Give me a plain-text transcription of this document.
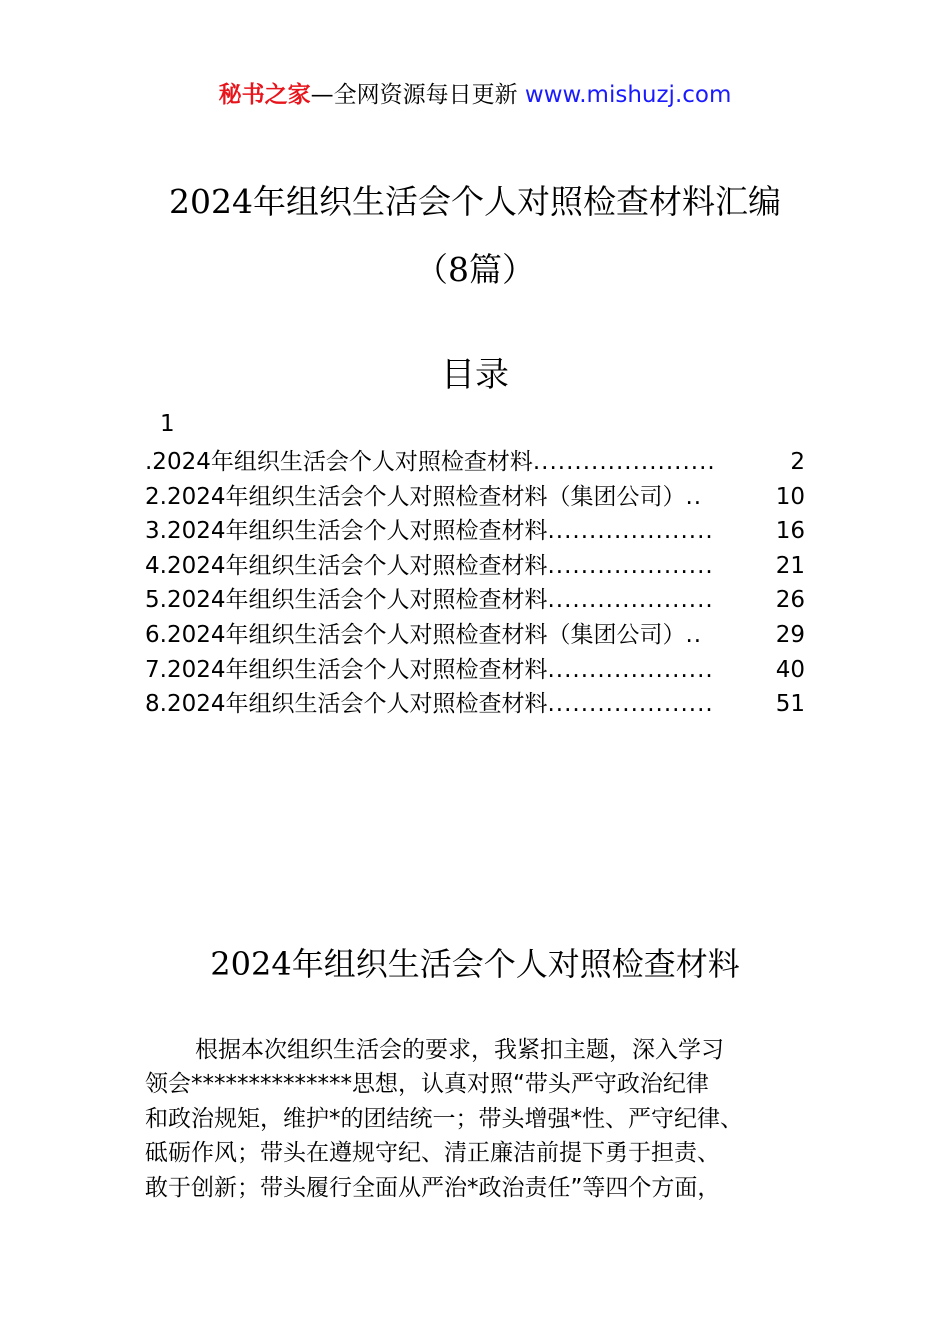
秘书之家—全网资源每日更新 www.mishuzj.com
2024年组织生活会个人对照检查材料汇编
（8篇）
目录
1
.2024年组织生活会个人对照检查材料 ......................	2
2.2024年组织生活会个人对照检查材料（集团公司） ..	10
3.2024年组织生活会个人对照检查材料 ....................	16
4.2024年组织生活会个人对照检查材料 ....................	21
5.2024年组织生活会个人对照检查材料 ....................	26
6.2024年组织生活会个人对照检查材料（集团公司） ..	29
7.2024年组织生活会个人对照检查材料 ....................	40
8.2024年组织生活会个人对照检查材料 ....................	51
2024年组织生活会个人对照检查材料

根据本次组织生活会的要求，我紧扣主题，深入学习
领会**************思想，认真对照“带头严守政治纪律
和政治规矩，维护*的团结统一；带头增强*性、严守纪律、
砥砺作风；带头在遵规守纪、清正廉洁前提下勇于担责、
敢于创新；带头履行全面从严治*政治责任”等四个方面，
